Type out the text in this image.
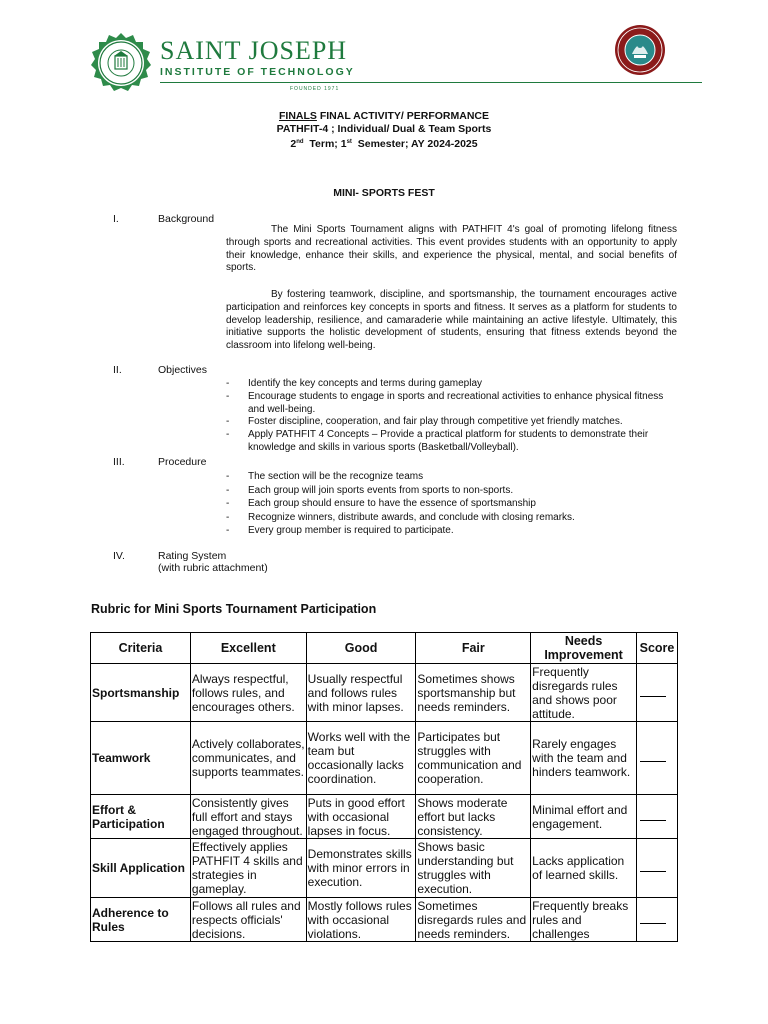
SAINT JOSEPH
INSTITUTE OF TECHNOLOGY
FOUNDED 1971
FINALS FINAL ACTIVITY/ PERFORMANCE
PATHFIT-4 ; Individual/ Dual & Team Sports
2nd  Term; 1st  Semester; AY 2024-2025
MINI- SPORTS FEST
I.	Background
The Mini Sports Tournament aligns with PATHFIT 4's goal of promoting lifelong fitness through sports and recreational activities. This event provides students with an opportunity to apply their knowledge, enhance their skills, and experience the physical, mental, and social benefits of sports.
By fostering teamwork, discipline, and sportsmanship, the tournament encourages active participation and reinforces key concepts in sports and fitness. It serves as a platform for students to develop leadership, resilience, and camaraderie while maintaining an active lifestyle. Ultimately, this initiative supports the holistic development of students, ensuring that fitness extends beyond the classroom into lifelong well-being.
II.	Objectives
- Identify the key concepts and terms during gameplay
- Encourage students to engage in sports and recreational activities to enhance physical fitness and well-being.
- Foster discipline, cooperation, and fair play through competitive yet friendly matches.
- Apply PATHFIT 4 Concepts – Provide a practical platform for students to demonstrate their knowledge and skills in various sports (Basketball/Volleyball).
III.	Procedure
- The section will be the recognize teams
- Each group will join sports events from sports to non-sports.
- Each group should ensure to have the essence of sportsmanship
- Recognize winners, distribute awards, and conclude with closing remarks.
- Every group member is required to participate.
IV.	Rating System
(with rubric attachment)
Rubric for Mini Sports Tournament Participation
Criteria	Excellent	Good	Fair	Needs Improvement	Score
Sportsmanship	Always respectful, follows rules, and encourages others.	Usually respectful and follows rules with minor lapses.	Sometimes shows sportsmanship but needs reminders.	Frequently disregards rules and shows poor attitude.	
Teamwork	Actively collaborates, communicates, and supports teammates.	Works well with the team but occasionally lacks coordination.	Participates but struggles with communication and cooperation.	Rarely engages with the team and hinders teamwork.	
Effort & Participation	Consistently gives full effort and stays engaged throughout.	Puts in good effort with occasional lapses in focus.	Shows moderate effort but lacks consistency.	Minimal effort and engagement.	
Skill Application	Effectively applies PATHFIT 4 skills and strategies in gameplay.	Demonstrates skills with minor errors in execution.	Shows basic understanding but struggles with execution.	Lacks application of learned skills.	
Adherence to Rules	Follows all rules and respects officials' decisions.	Mostly follows rules with occasional violations.	Sometimes disregards rules and needs reminders.	Frequently breaks rules and challenges	
